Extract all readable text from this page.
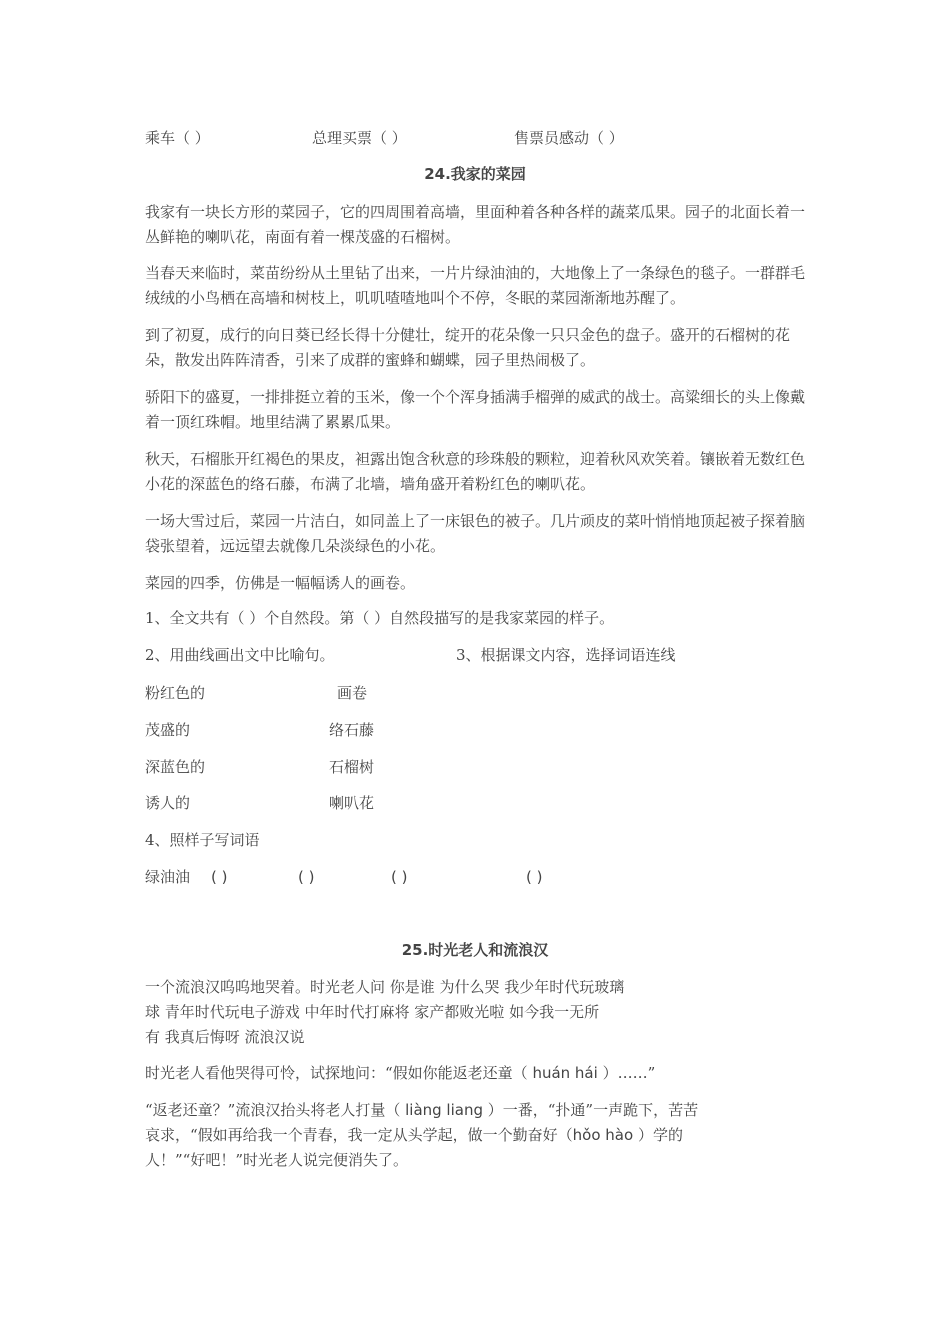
乘车（ ）	总理买票（ ）	售票员感动（ ）
24.我家的菜园

我家有一块长方形的菜园子，它的四周围着高墙，里面种着各种各样的蔬菜瓜果。园子的北面长着一丛鲜艳的喇叭花，南面有着一棵茂盛的石榴树。

当春天来临时，菜苗纷纷从土里钻了出来，一片片绿油油的，大地像上了一条绿色的毯子。一群群毛绒绒的小鸟栖在高墙和树枝上，叽叽喳喳地叫个不停，冬眠的菜园渐渐地苏醒了。

到了初夏，成行的向日葵已经长得十分健壮，绽开的花朵像一只只金色的盘子。盛开的石榴树的花朵，散发出阵阵清香，引来了成群的蜜蜂和蝴蝶，园子里热闹极了。

骄阳下的盛夏，一排排挺立着的玉米，像一个个浑身插满手榴弹的威武的战士。高粱细长的头上像戴着一顶红珠帽。地里结满了累累瓜果。

秋天，石榴胀开红褐色的果皮，袒露出饱含秋意的珍珠般的颗粒，迎着秋风欢笑着。镶嵌着无数红色小花的深蓝色的络石藤，布满了北墙，墙角盛开着粉红色的喇叭花。

一场大雪过后，菜园一片洁白，如同盖上了一床银色的被子。几片顽皮的菜叶悄悄地顶起被子探着脑袋张望着，远远望去就像几朵淡绿色的小花。

菜园的四季，仿佛是一幅幅诱人的画卷。

1、全文共有（ ）个自然段。第（ ）自然段描写的是我家菜园的样子。
2、用曲线画出文中比喻句。	3、根据课文内容，选择词语连线
粉红色的	画卷
茂盛的	络石藤
深蓝色的	石榴树
诱人的	喇叭花
4、照样子写词语
绿油油 ( )	( )	( )	( )
25.时光老人和流浪汉
一个流浪汉呜呜地哭着。时光老人问 你是谁 为什么哭 我少年时代玩玻璃
球 青年时代玩电子游戏 中年时代打麻将 家产都败光啦 如今我一无所
有 我真后悔呀 流浪汉说
时光老人看他哭得可怜，试探地问：“假如你能返老还童（ huán hái ）……”
“返老还童？”流浪汉抬头将老人打量（ liàng liang ）一番，“扑通”一声跪下，苦苦
哀求，“假如再给我一个青春，我一定从头学起，做一个勤奋好（hǒo hào ）学的
人！”“好吧！”时光老人说完便消失了。
